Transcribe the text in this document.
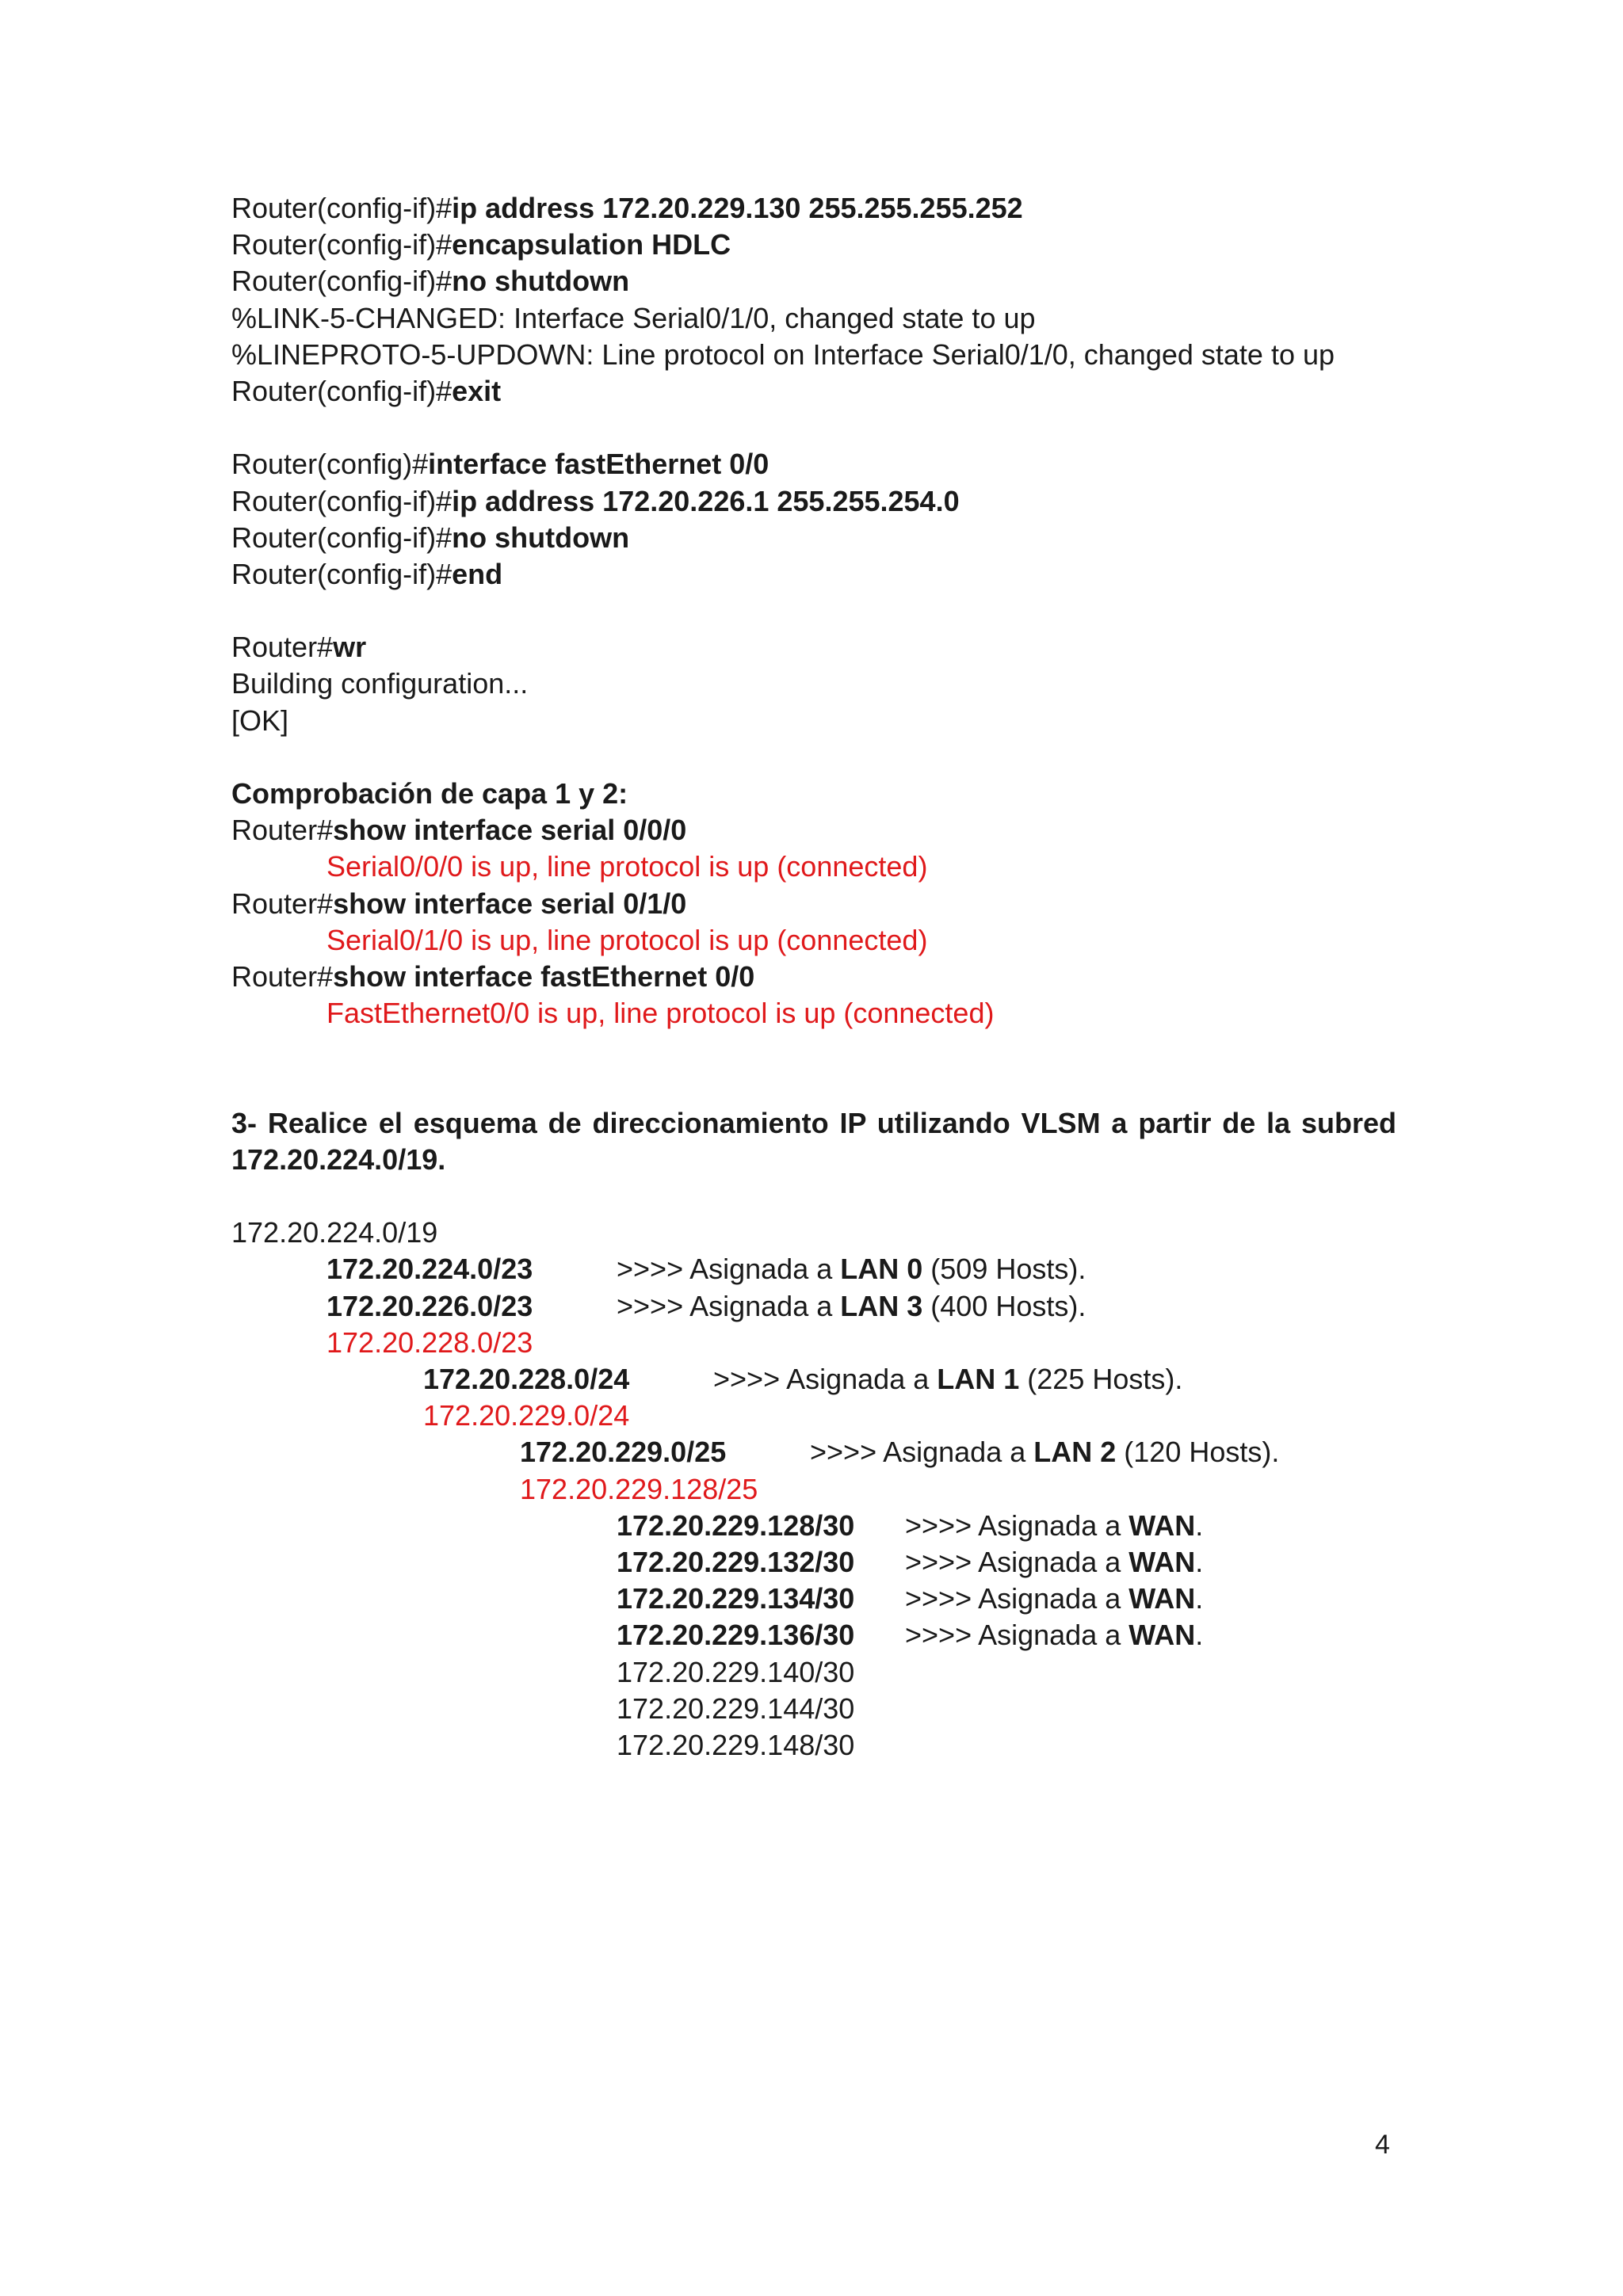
Router(config-if)#ip address 172.20.229.130 255.255.255.252
Router(config-if)#encapsulation HDLC
Router(config-if)#no shutdown
%LINK-5-CHANGED: Interface Serial0/1/0, changed state to up
%LINEPROTO-5-UPDOWN: Line protocol on Interface Serial0/1/0, changed state to up
Router(config-if)#exit
Router(config)#interface fastEthernet 0/0
Router(config-if)#ip address 172.20.226.1 255.255.254.0
Router(config-if)#no shutdown
Router(config-if)#end
Router#wr
Building configuration...
[OK]
Comprobación de capa 1 y 2:
Router#show interface serial 0/0/0
Serial0/0/0 is up, line protocol is up (connected)
Router#show interface serial 0/1/0
Serial0/1/0 is up, line protocol is up (connected)
Router#show interface fastEthernet 0/0
FastEthernet0/0 is up, line protocol is up (connected)
3- Realice el esquema de direccionamiento IP utilizando VLSM a partir de la subred
172.20.224.0/19.
172.20.224.0/19
172.20.224.0/23	>>>> Asignada a LAN 0 (509 Hosts).
172.20.226.0/23	>>>> Asignada a LAN 3 (400 Hosts).
172.20.228.0/23
172.20.228.0/24	>>>> Asignada a LAN 1 (225 Hosts).
172.20.229.0/24
172.20.229.0/25	>>>> Asignada a LAN 2 (120 Hosts).
172.20.229.128/25
172.20.229.128/30	>>>> Asignada a WAN .
172.20.229.132/30	>>>> Asignada a WAN .
172.20.229.134/30	>>>> Asignada a WAN .
172.20.229.136/30	>>>> Asignada a WAN .
172.20.229.140/30
172.20.229.144/30
172.20.229.148/30
4
